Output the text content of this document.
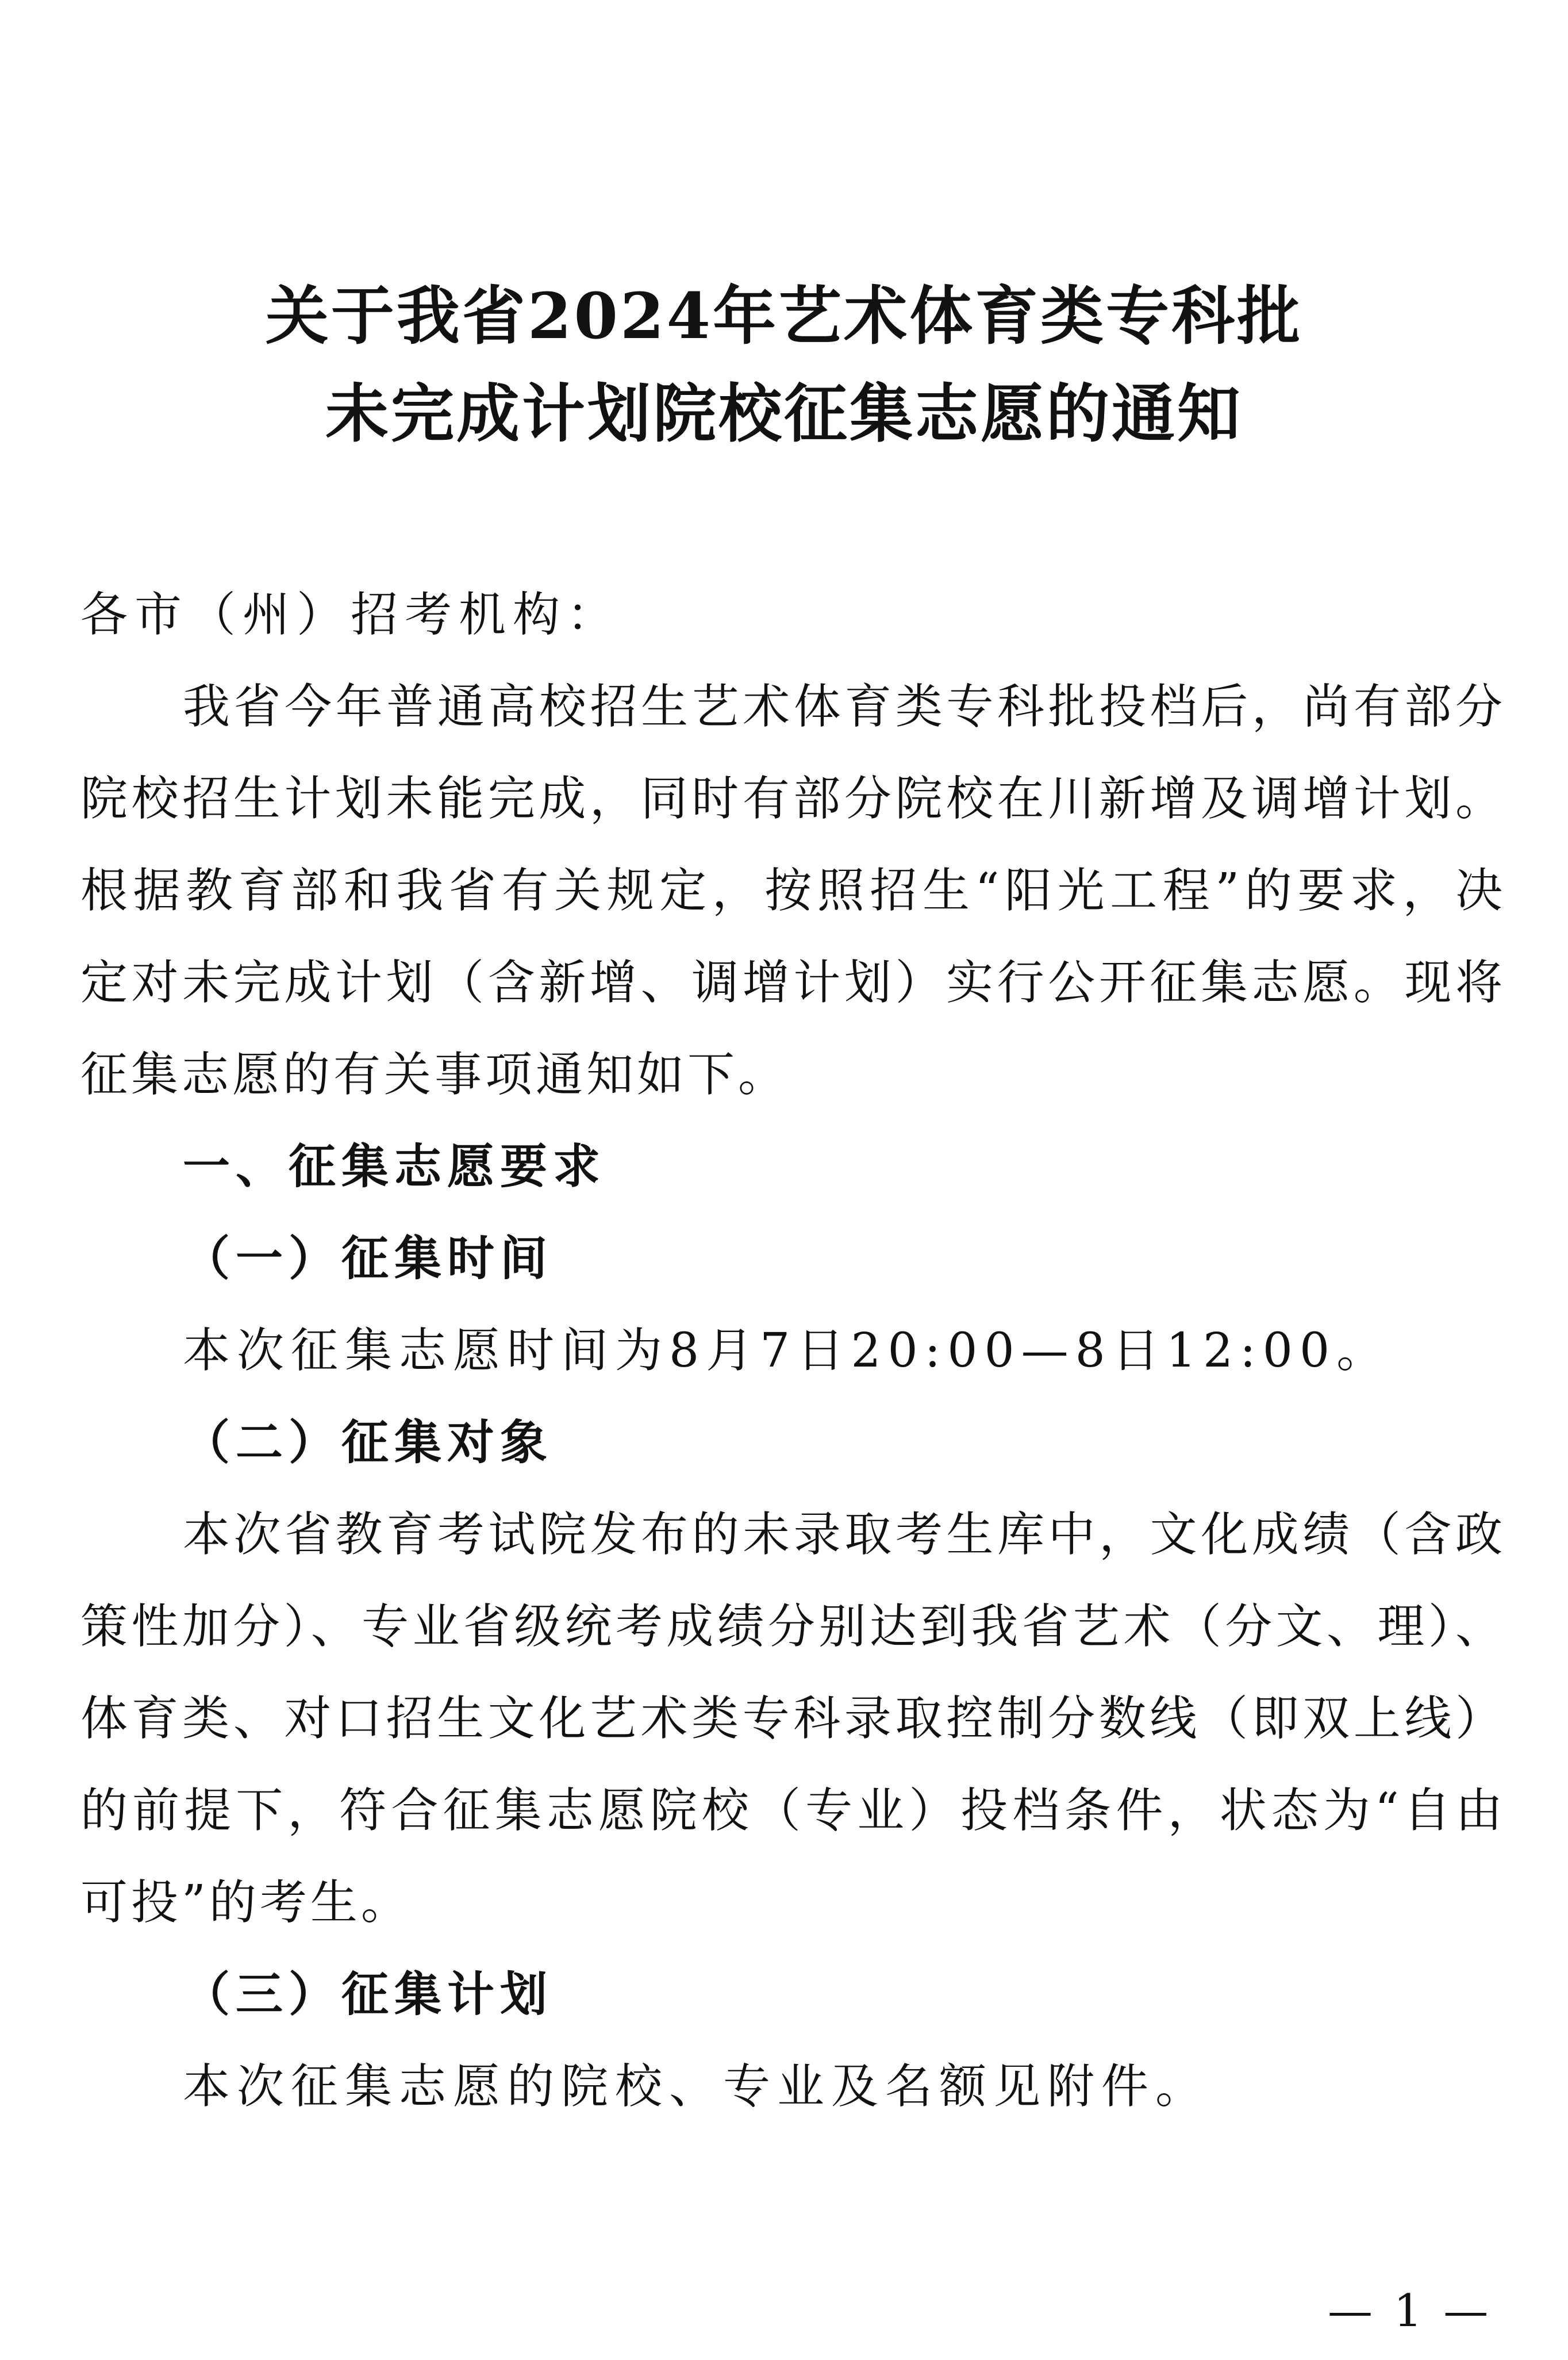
关于我省2024年艺术体育类专科批
未完成计划院校征集志愿的通知

各市（州）招考机构：

我省今年普通高校招生艺术体育类专科批投档后，尚有部分

院校招生计划未能完成，同时有部分院校在川新增及调增计划。

根据教育部和我省有关规定，按照招生“阳光工程”的要求，决

定对未完成计划（含新增、调增计划）实行公开征集志愿。现将

征集志愿的有关事项通知如下。

一、征集志愿要求

（一）征集时间

本次征集志愿时间为8月7日20:00—8日12:00。

（二）征集对象

本次省教育考试院发布的未录取考生库中，文化成绩（含政

策性加分）、专业省级统考成绩分别达到我省艺术（分文、理）、

体育类、对口招生文化艺术类专科录取控制分数线（即双上线）

的前提下，符合征集志愿院校（专业）投档条件，状态为“自由

可投”的考生。

（三）征集计划

本次征集志愿的院校、专业及名额见附件。

— 1 —
